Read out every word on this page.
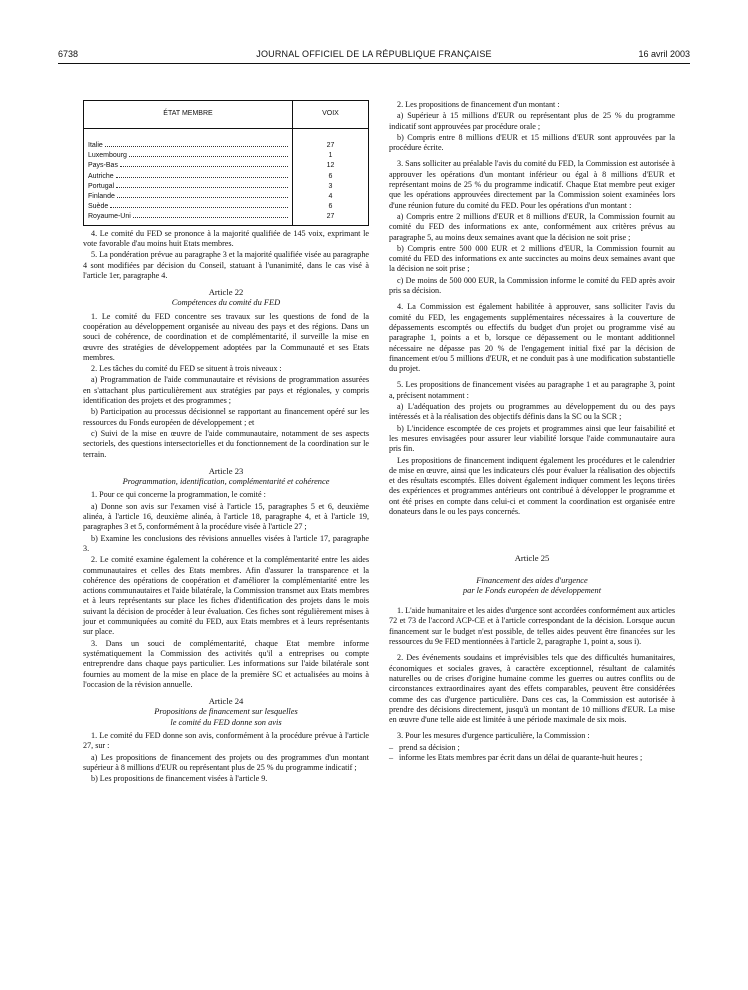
6738	JOURNAL OFFICIEL DE LA RÉPUBLIQUE FRANÇAISE	16 avril 2003
ÉTAT MEMBRE	VOIX

Italie	27

Luxembourg	1

Pays-Bas	12

Autriche	6

Portugal	3

Finlande	4

Suède	6

Royaume-Uni	27

4. Le comité du FED se prononce à la majorité qualifiée de 145 voix, exprimant le vote favorable d'au moins huit Etats membres.

5. La pondération prévue au paragraphe 3 et la majorité qualifiée visée au paragraphe 4 sont modifiées par décision du Conseil, statuant à l'unanimité, dans le cas visé à l'article 1er, paragraphe 4.

Article 22
Compétences du comité du FED

1. Le comité du FED concentre ses travaux sur les questions de fond de la coopération au développement organisée au niveau des pays et des régions. Dans un souci de cohérence, de coordination et de complémentarité, il surveille la mise en œuvre des stratégies de développement adoptées par la Communauté et ses Etats membres.

2. Les tâches du comité du FED se situent à trois niveaux :

a) Programmation de l'aide communautaire et révisions de programmation assurées en s'attachant plus particulièrement aux stratégies par pays et régionales, y compris identification des projets et des programmes ;

b) Participation au processus décisionnel se rapportant au financement opéré sur les ressources du Fonds européen de développement ; et

c) Suivi de la mise en œuvre de l'aide communautaire, notamment de ses aspects sectoriels, des questions intersectorielles et du fonctionnement de la coordination sur le terrain.

Article 23
Programmation, identification, complémentarité et cohérence

1. Pour ce qui concerne la programmation, le comité :

a) Donne son avis sur l'examen visé à l'article 15, paragraphes 5 et 6, deuxième alinéa, à l'article 16, deuxième alinéa, à l'article 18, paragraphe 4, et à l'article 19, paragraphes 3 et 5, conformément à la procédure visée à l'article 27 ;

b) Examine les conclusions des révisions annuelles visées à l'article 17, paragraphe 3.

2. Le comité examine également la cohérence et la complémentarité entre les aides communautaires et celles des Etats membres. Afin d'assurer la transparence et la cohérence des opérations de coopération et d'améliorer la complémentarité entre les actions communautaires et l'aide bilatérale, la Commission transmet aux Etats membres et à leurs représentants sur place les fiches d'identification des projets dans le mois suivant la décision de procéder à leur évaluation. Ces fiches sont régulièrement mises à jour et communiquées au comité du FED, aux Etats membres et à leurs représentants sur place.

3. Dans un souci de complémentarité, chaque Etat membre informe systématiquement la Commission des activités qu'il a entreprises ou compte entreprendre dans chaque pays particulier. Les informations sur l'aide bilatérale sont fournies au moment de la mise en place de la première SC et actualisées au moins à l'occasion de la révision annuelle.

Article 24
Propositions de financement sur lesquelles
le comité du FED donne son avis

1. Le comité du FED donne son avis, conformément à la procédure prévue à l'article 27, sur :

a) Les propositions de financement des projets ou des programmes d'un montant supérieur à 8 millions d'EUR ou représentant plus de 25 % du programme indicatif ;

b) Les propositions de financement visées à l'article 9.

2. Les propositions de financement d'un montant :

a) Supérieur à 15 millions d'EUR ou représentant plus de 25 % du programme indicatif sont approuvées par procédure orale ;

b) Compris entre 8 millions d'EUR et 15 millions d'EUR sont approuvées par la procédure écrite.

3. Sans solliciter au préalable l'avis du comité du FED, la Commission est autorisée à approuver les opérations d'un montant inférieur ou égal à 8 millions d'EUR et représentant moins de 25 % du programme indicatif. Chaque Etat membre peut exiger que les opérations approuvées directement par la Commission soient examinées lors d'une réunion future du comité du FED. Pour les opérations d'un montant :

a) Compris entre 2 millions d'EUR et 8 millions d'EUR, la Commission fournit au comité du FED des informations ex ante, conformément aux critères prévus au paragraphe 5, au moins deux semaines avant que la décision ne soit prise ;

b) Compris entre 500 000 EUR et 2 millions d'EUR, la Commission fournit au comité du FED des informations ex ante succinctes au moins deux semaines avant que la décision ne soit prise ;

c) De moins de 500 000 EUR, la Commission informe le comité du FED après avoir pris sa décision.

4. La Commission est également habilitée à approuver, sans solliciter l'avis du comité du FED, les engagements supplémentaires nécessaires à la couverture de dépassements escomptés ou effectifs du budget d'un projet ou programme visé au paragraphe 1, points a et b, lorsque ce dépassement ou le montant additionnel nécessaire ne dépasse pas 20 % de l'engagement initial fixé par la décision de financement et/ou 5 millions d'EUR, et ne conduit pas à une modification substantielle du projet.

5. Les propositions de financement visées au paragraphe 1 et au paragraphe 3, point a, précisent notamment :

a) L'adéquation des projets ou programmes au développement du ou des pays intéressés et à la réalisation des objectifs définis dans la SC ou la SCR ;

b) L'incidence escomptée de ces projets et programmes ainsi que leur faisabilité et les mesures envisagées pour assurer leur viabilité lorsque l'aide communautaire aura pris fin.

Les propositions de financement indiquent également les procédures et le calendrier de mise en œuvre, ainsi que les indicateurs clés pour évaluer la réalisation des objectifs et des résultats escomptés. Elles doivent également indiquer comment les leçons tirées des expériences et programmes antérieurs ont contribué à développer le programme et ont été prises en compte dans celui-ci et comment la coordination est organisée entre donateurs dans le ou les pays concernés.

Article 25
Financement des aides d'urgence
par le Fonds européen de développement

1. L'aide humanitaire et les aides d'urgence sont accordées conformément aux articles 72 et 73 de l'accord ACP-CE et à l'article correspondant de la décision. Lorsque aucun financement sur le budget n'est possible, de telles aides peuvent être financées sur les ressources du 9e FED mentionnées à l'article 2, paragraphe 1, point a, sous i).

2. Des événements soudains et imprévisibles tels que des difficultés humanitaires, économiques et sociales graves, à caractère exceptionnel, résultant de calamités naturelles ou de crises d'origine humaine comme les guerres ou autres conflits ou de circonstances extraordinaires ayant des effets comparables, peuvent être considérées comme des cas d'urgence particulière. Dans ces cas, la Commission est autorisée à prendre des décisions directement, jusqu'à un montant de 10 millions d'EUR. La mise en œuvre d'une telle aide est limitée à une période maximale de six mois.

3. Pour les mesures d'urgence particulière, la Commission :

– prend sa décision ;
– informe les Etats membres par écrit dans un délai de quarante-huit heures ;
